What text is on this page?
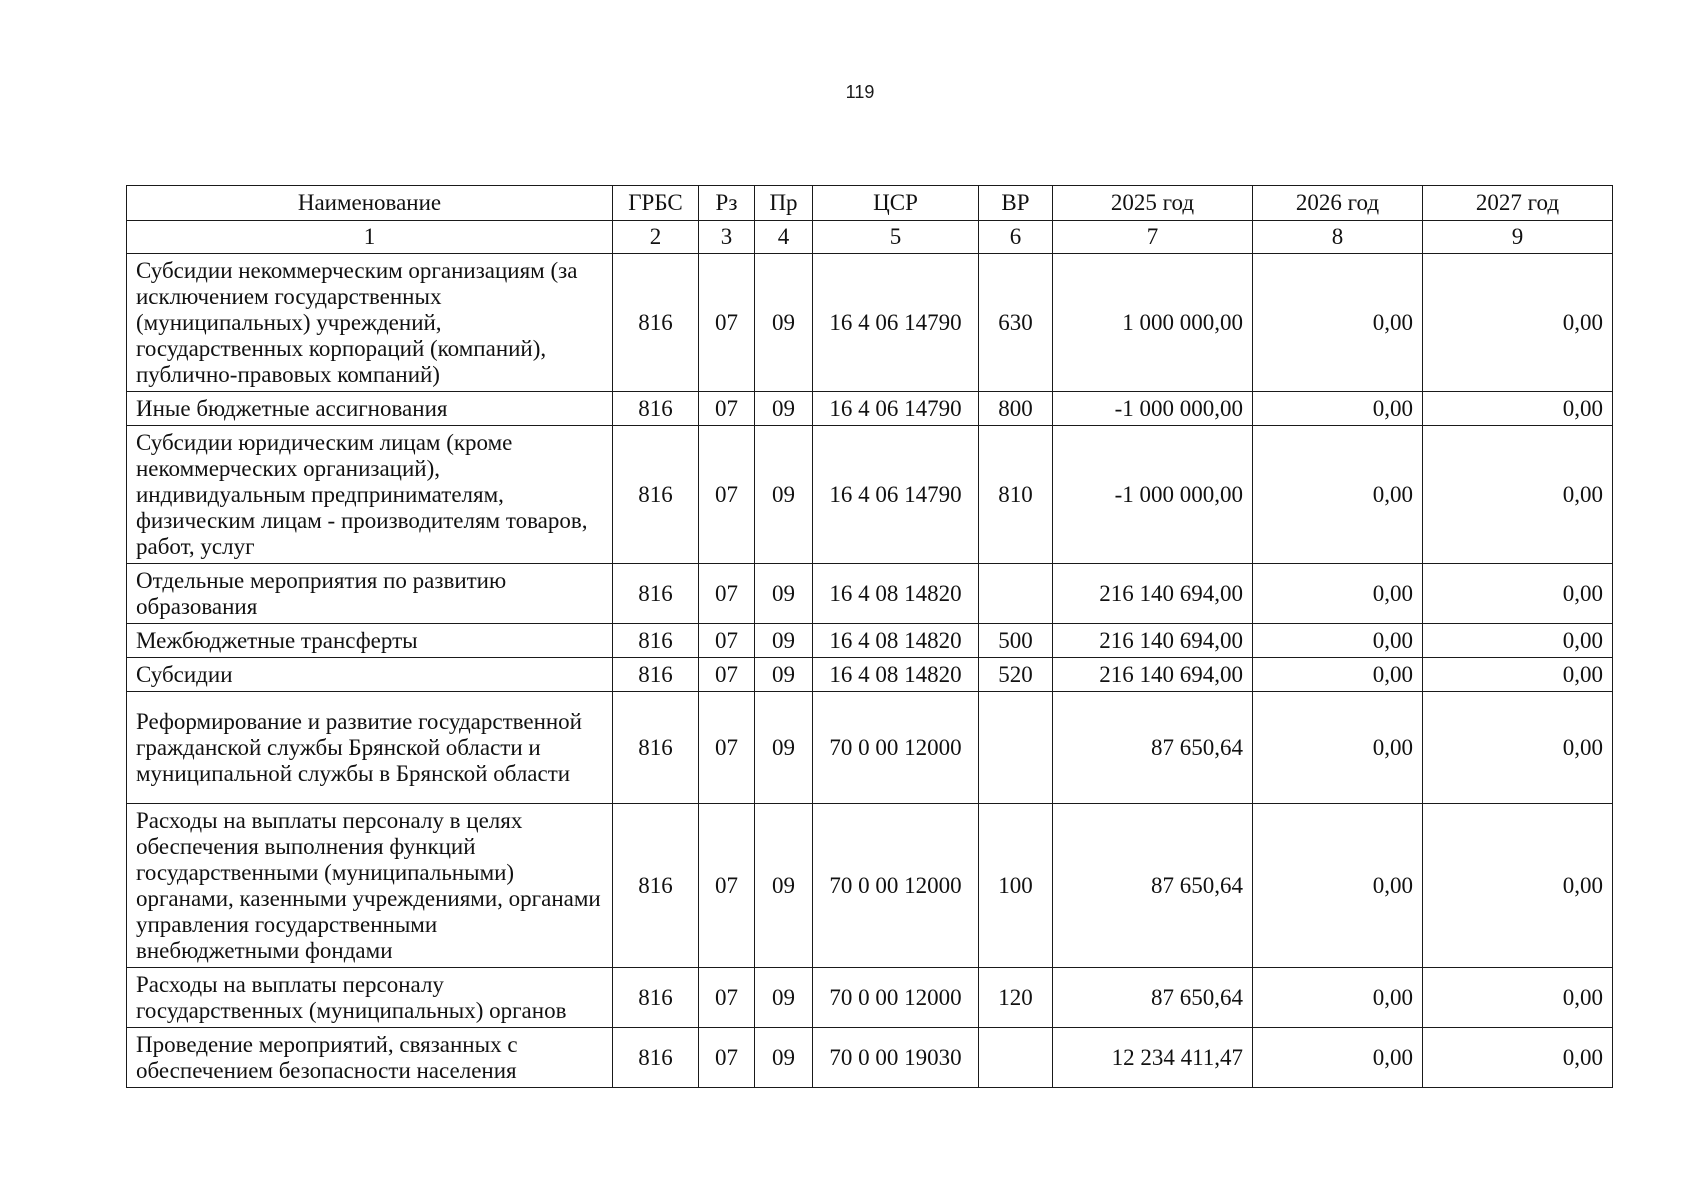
119
Наименование	ГРБС	Рз	Пр	ЦСР	ВР	2025 год	2026 год	2027 год
1	2	3	4	5	6	7	8	9
Субсидии некоммерческим организациям (за исключением государственных (муниципальных) учреждений, государственных корпораций (компаний), публично-правовых компаний)	816	07	09	16 4 06 14790	630	1 000 000,00	0,00	0,00
Иные бюджетные ассигнования	816	07	09	16 4 06 14790	800	-1 000 000,00	0,00	0,00
Субсидии юридическим лицам (кроме некоммерческих организаций), индивидуальным предпринимателям, физическим лицам - производителям товаров, работ, услуг	816	07	09	16 4 06 14790	810	-1 000 000,00	0,00	0,00
Отдельные мероприятия по развитию образования	816	07	09	16 4 08 14820		216 140 694,00	0,00	0,00
Межбюджетные трансферты	816	07	09	16 4 08 14820	500	216 140 694,00	0,00	0,00
Субсидии	816	07	09	16 4 08 14820	520	216 140 694,00	0,00	0,00
Реформирование и развитие государственной гражданской службы Брянской области и муниципальной службы в Брянской области	816	07	09	70 0 00 12000		87 650,64	0,00	0,00
Расходы на выплаты персоналу в целях обеспечения выполнения функций государственными (муниципальными) органами, казенными учреждениями, органами управления государственными внебюджетными фондами	816	07	09	70 0 00 12000	100	87 650,64	0,00	0,00
Расходы на выплаты персоналу государственных (муниципальных) органов	816	07	09	70 0 00 12000	120	87 650,64	0,00	0,00
Проведение мероприятий, связанных с обеспечением безопасности населения	816	07	09	70 0 00 19030		12 234 411,47	0,00	0,00
